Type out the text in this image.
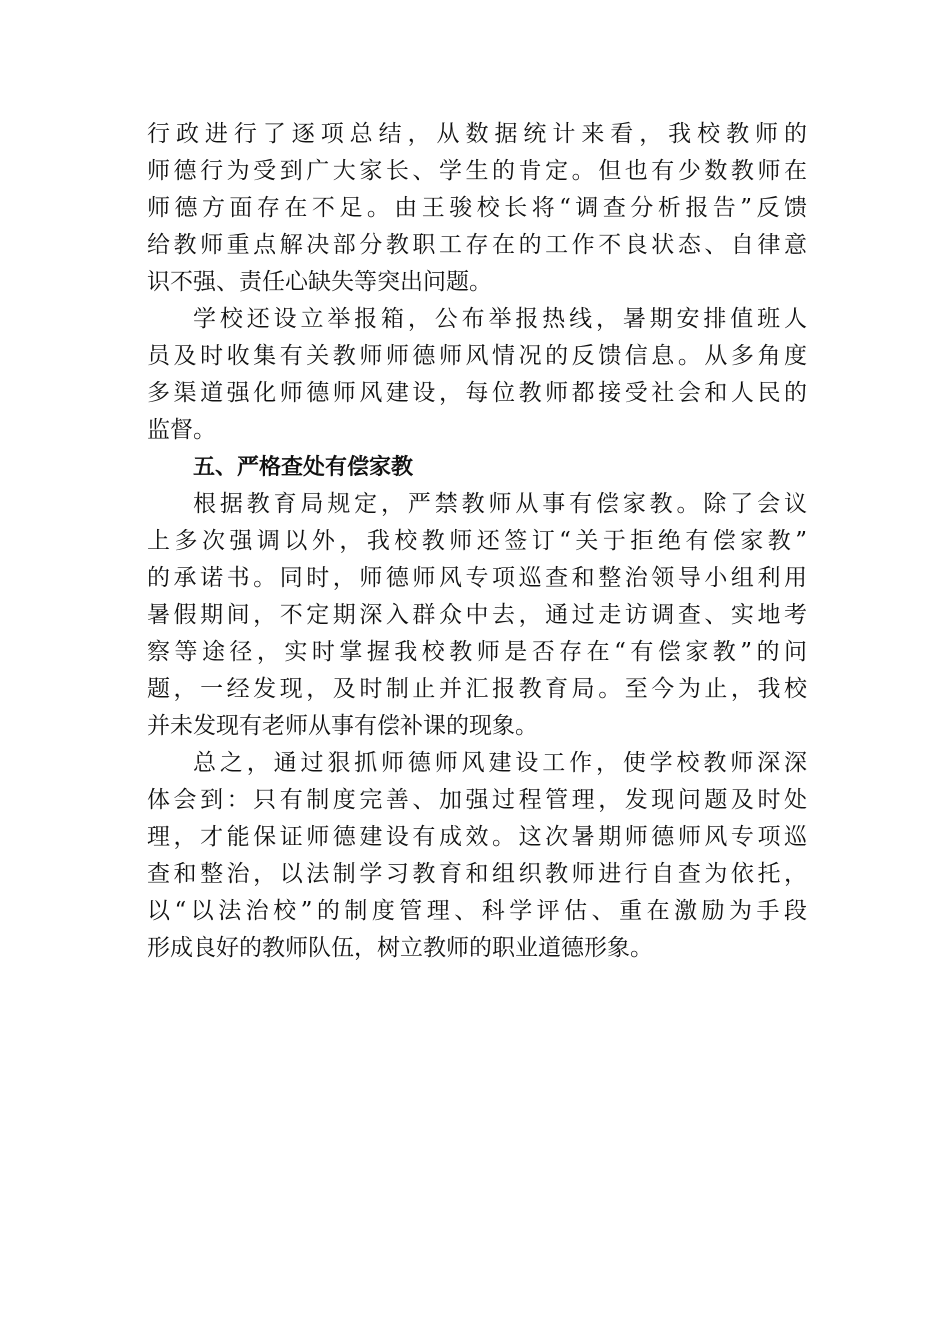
行政进行了逐项总结，从数据统计来看，我校教师的
师德行为受到广大家长、学生的肯定。但也有少数教师在
师德方面存在不足。由王骏校长将“调查分析报告”反馈
给教师重点解决部分教职工存在的工作不良状态、自律意
识不强、责任心缺失等突出问题。
学校还设立举报箱，公布举报热线，暑期安排值班人
员及时收集有关教师师德师风情况的反馈信息。从多角度
多渠道强化师德师风建设，每位教师都接受社会和人民的
监督。
五、严格查处有偿家教
根据教育局规定，严禁教师从事有偿家教。除了会议
上多次强调以外，我校教师还签订“关于拒绝有偿家教”
的承诺书。同时，师德师风专项巡查和整治领导小组利用
暑假期间，不定期深入群众中去，通过走访调查、实地考
察等途径，实时掌握我校教师是否存在“有偿家教”的问
题，一经发现，及时制止并汇报教育局。至今为止，我校
并未发现有老师从事有偿补课的现象。
总之，通过狠抓师德师风建设工作，使学校教师深深
体会到：只有制度完善、加强过程管理，发现问题及时处
理，才能保证师德建设有成效。这次暑期师德师风专项巡
查和整治，以法制学习教育和组织教师进行自查为依托，
以“以法治校”的制度管理、科学评估、重在激励为手段
形成良好的教师队伍，树立教师的职业道德形象。
